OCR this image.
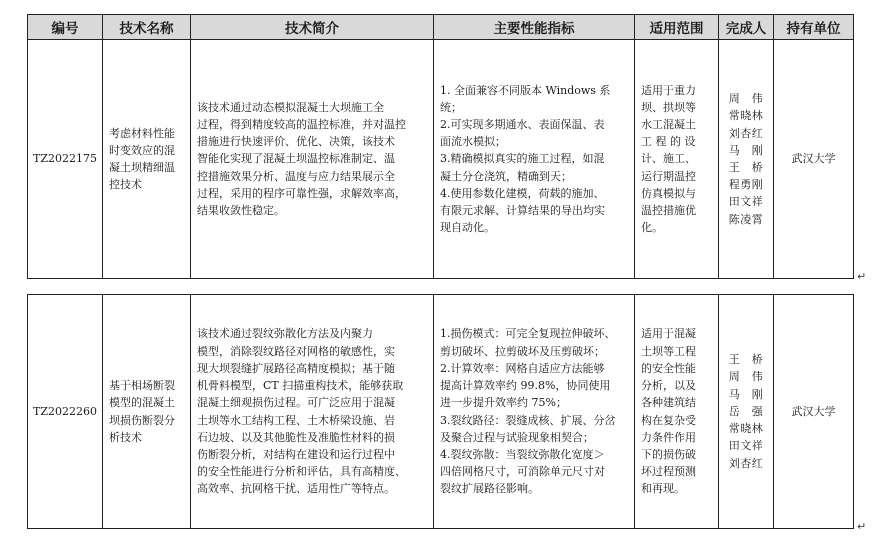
编号	技术名称	技术简介	主要性能指标	适用范围	完成人	持有单位
TZ2022175	考虑材料性能
时变效应的混
凝土坝精细温
控技术	该技术通过动态模拟混凝土大坝施工全
过程，得到精度较高的温控标准，并对温控
措施进行快速评价、优化、决策，该技术
智能化实现了混凝土坝温控标准制定、温
控措施效果分析、温度与应力结果展示全
过程，采用的程序可靠性强，求解效率高，
结果收敛性稳定。	1. 全面兼容不同版本 Windows 系
统；
2.可实现多期通水、表面保温、表
面流水模拟；
3.精确模拟真实的施工过程，如混
凝土分仓浇筑，精确到天；
4.使用参数化建模，荷载的施加、
有限元求解、计算结果的导出均实
现自动化。	适用于重力
坝、拱坝等
水工混凝土
工 程 的 设
计、施工、
运行期温控
仿真模拟与
温控措施优
化。	周　伟
常晓林
刘杏红
马　刚
王　桥
程勇刚
田文祥
陈凌霄	武汉大学
TZ2022260	基于相场断裂
模型的混凝土
坝损伤断裂分
析技术	该技术通过裂纹弥散化方法及内聚力
模型，消除裂纹路径对网格的敏感性，实
现大坝裂缝扩展路径高精度模拟；基于随
机骨料模型，CT 扫描重构技术，能够获取
混凝土细观损伤过程。可广泛应用于混凝
土坝等水工结构工程、土木桥梁设施、岩
石边坡、以及其他脆性及准脆性材料的损
伤断裂分析，对结构在建设和运行过程中
的安全性能进行分析和评估，具有高精度、
高效率、抗网格干扰、适用性广等特点。	1.损伤模式：可完全复现拉伸破坏、
剪切破坏、拉剪破坏及压剪破坏；
2.计算效率：网格自适应方法能够
提高计算效率约 99.8%，协同使用
进一步提升效率约 75%；
3.裂纹路径：裂缝成核、扩展、分岔
及聚合过程与试验现象相契合；
4.裂纹弥散：当裂纹弥散化宽度＞
四倍网格尺寸，可消除单元尺寸对
裂纹扩展路径影响。	适用于混凝
土坝等工程
的安全性能
分析，以及
各种建筑结
构在复杂受
力条件作用
下的损伤破
坏过程预测
和再现。	王　桥
周　伟
马　刚
岳　强
常晓林
田文祥
刘杏红	武汉大学
↵
↵
